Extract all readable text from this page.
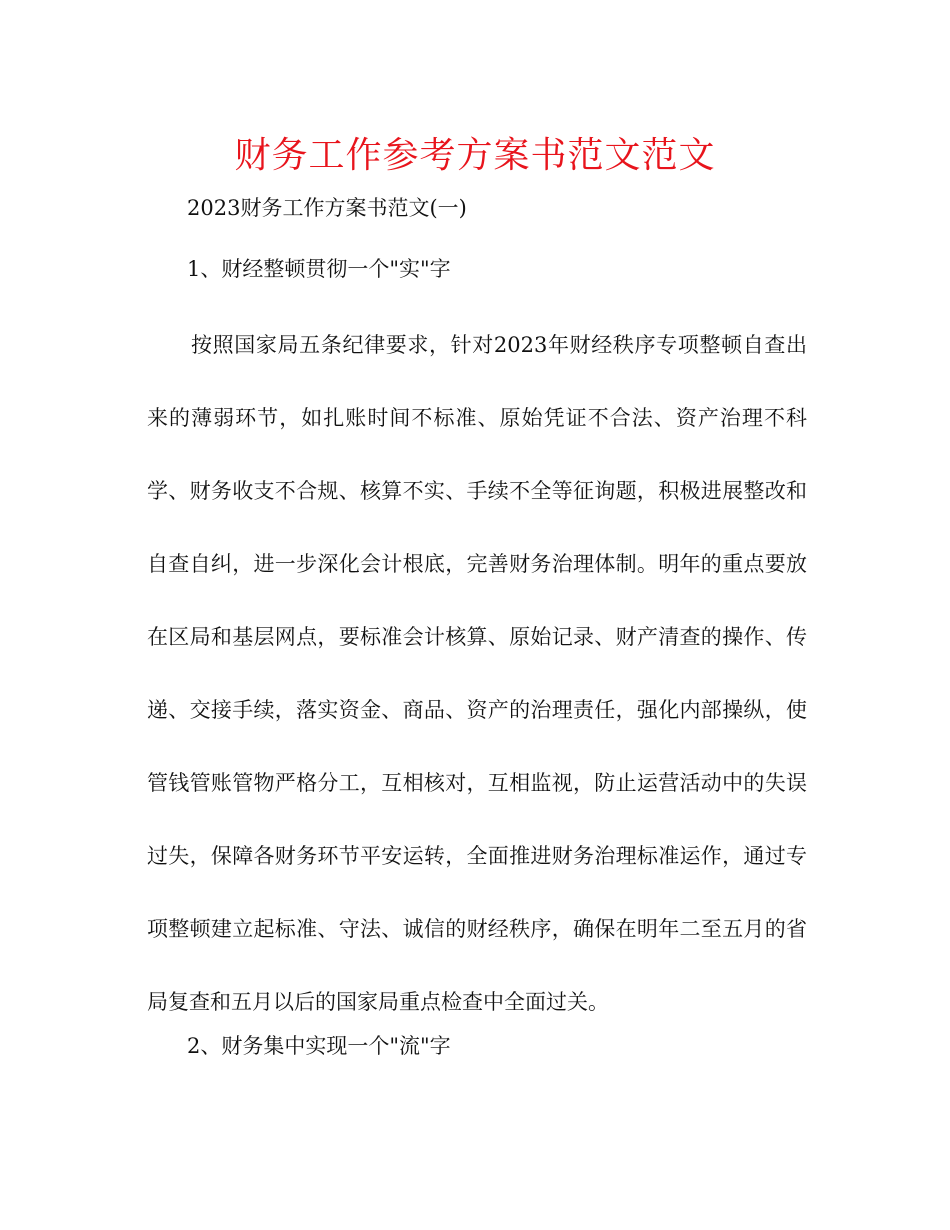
财务工作参考方案书范文范文

2023财务工作方案书范文(一)

1、财经整顿贯彻一个"实"字

按照国家局五条纪律要求，针对2023年财经秩序专项整顿自查出来的薄弱环节，如扎账时间不标准、原始凭证不合法、资产治理不科学、财务收支不合规、核算不实、手续不全等征询题，积极进展整改和自查自纠，进一步深化会计根底，完善财务治理体制。明年的重点要放在区局和基层网点，要标准会计核算、原始记录、财产清查的操作、传递、交接手续，落实资金、商品、资产的治理责任，强化内部操纵，使管钱管账管物严格分工，互相核对，互相监视，防止运营活动中的失误过失，保障各财务环节平安运转，全面推进财务治理标准运作，通过专项整顿建立起标准、守法、诚信的财经秩序，确保在明年二至五月的省局复查和五月以后的国家局重点检查中全面过关。

2、财务集中实现一个"流"字
